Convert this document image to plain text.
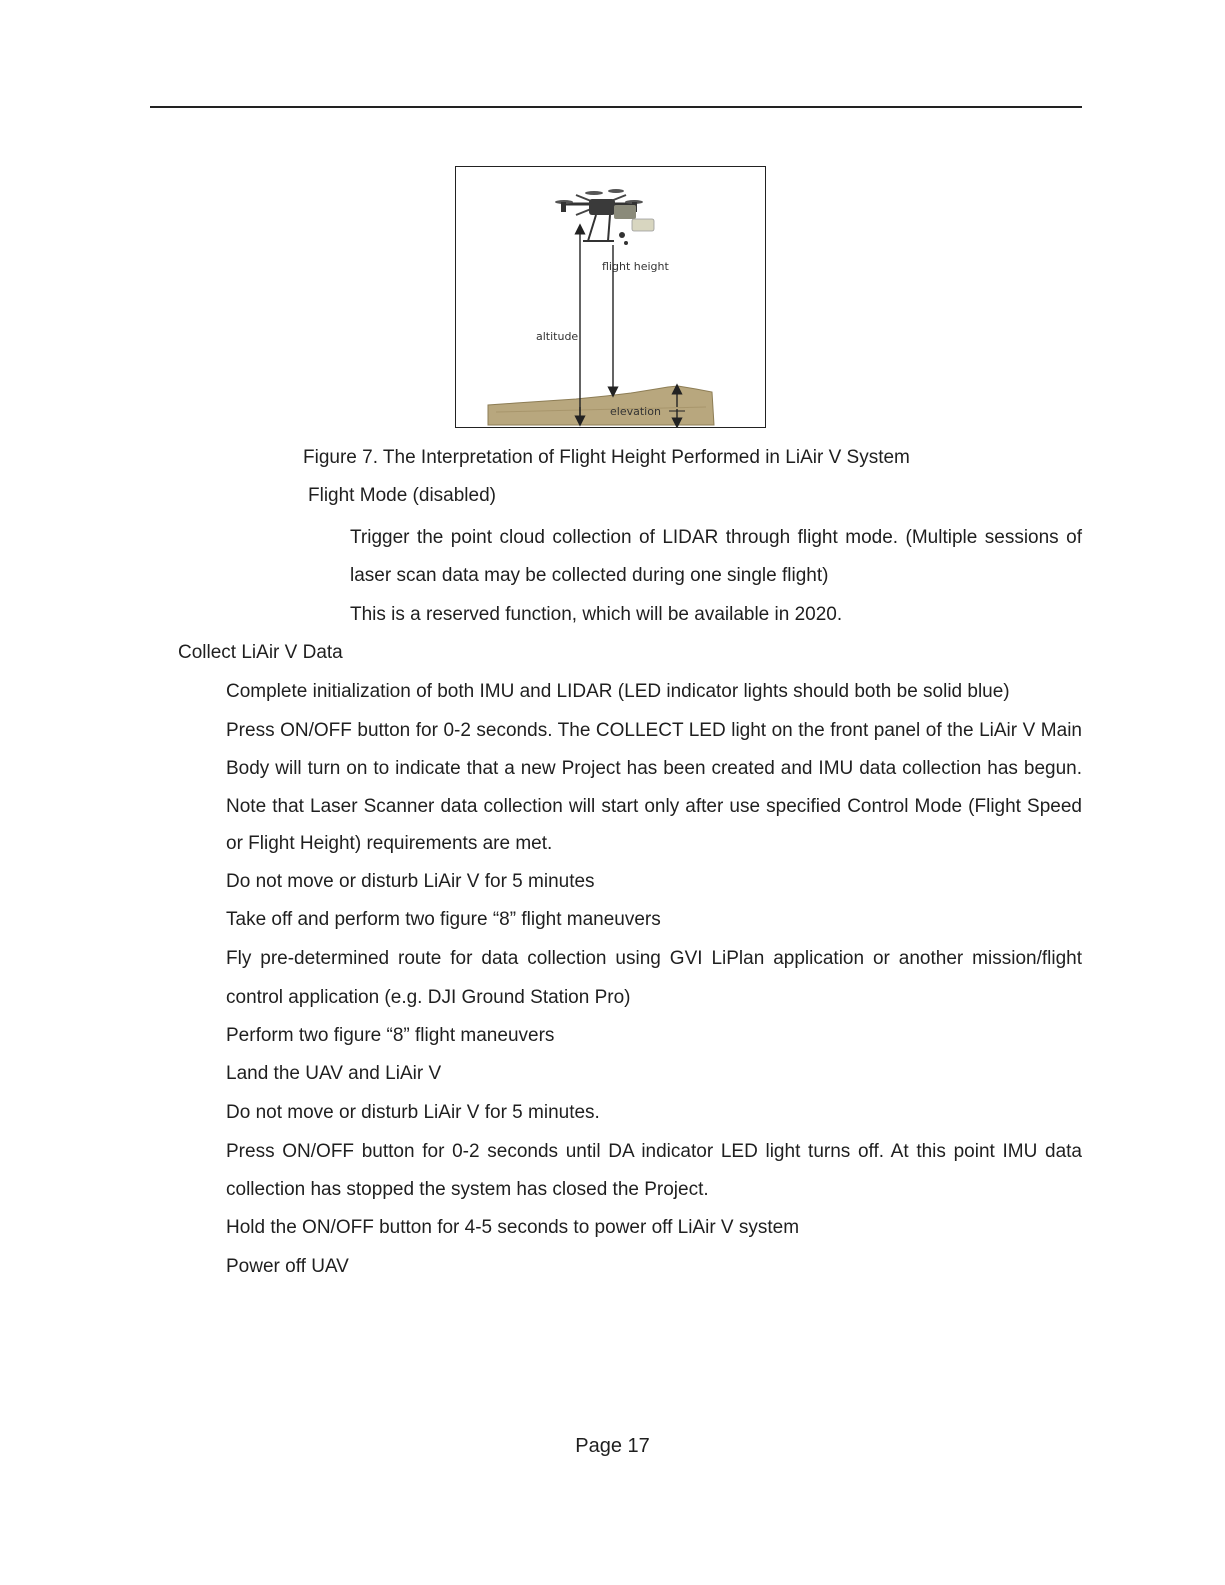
flight height
altitude
elevation
Figure 7. The Interpretation of Flight Height Performed in LiAir V System
Flight Mode (disabled)
Trigger the point cloud collection of LIDAR through flight mode. (Multiple sessions of
laser scan data may be collected during one single flight)
This is a reserved function, which will be available in 2020.
Collect LiAir V Data
Complete initialization of both IMU and LIDAR (LED indicator lights should both be solid blue)
Press ON/OFF button for 0-2 seconds. The COLLECT LED light on the front panel of the LiAir V Main
Body will turn on to indicate that a new Project has been created and IMU data collection has begun.
Note that Laser Scanner data collection will start only after use specified Control Mode (Flight Speed
or Flight Height) requirements are met.
Do not move or disturb LiAir V for 5 minutes
Take off and perform two figure “8” flight maneuvers
Fly pre-determined route for data collection using GVI LiPlan application or another mission/flight
control application (e.g. DJI Ground Station Pro)
Perform two figure “8” flight maneuvers
Land the UAV and LiAir V
Do not move or disturb LiAir V for 5 minutes.
Press ON/OFF button for 0-2 seconds until DA indicator LED light turns off. At this point IMU data
collection has stopped the system has closed the Project.
Hold the ON/OFF button for 4-5 seconds to power off LiAir V system
Power off UAV
Page 17
